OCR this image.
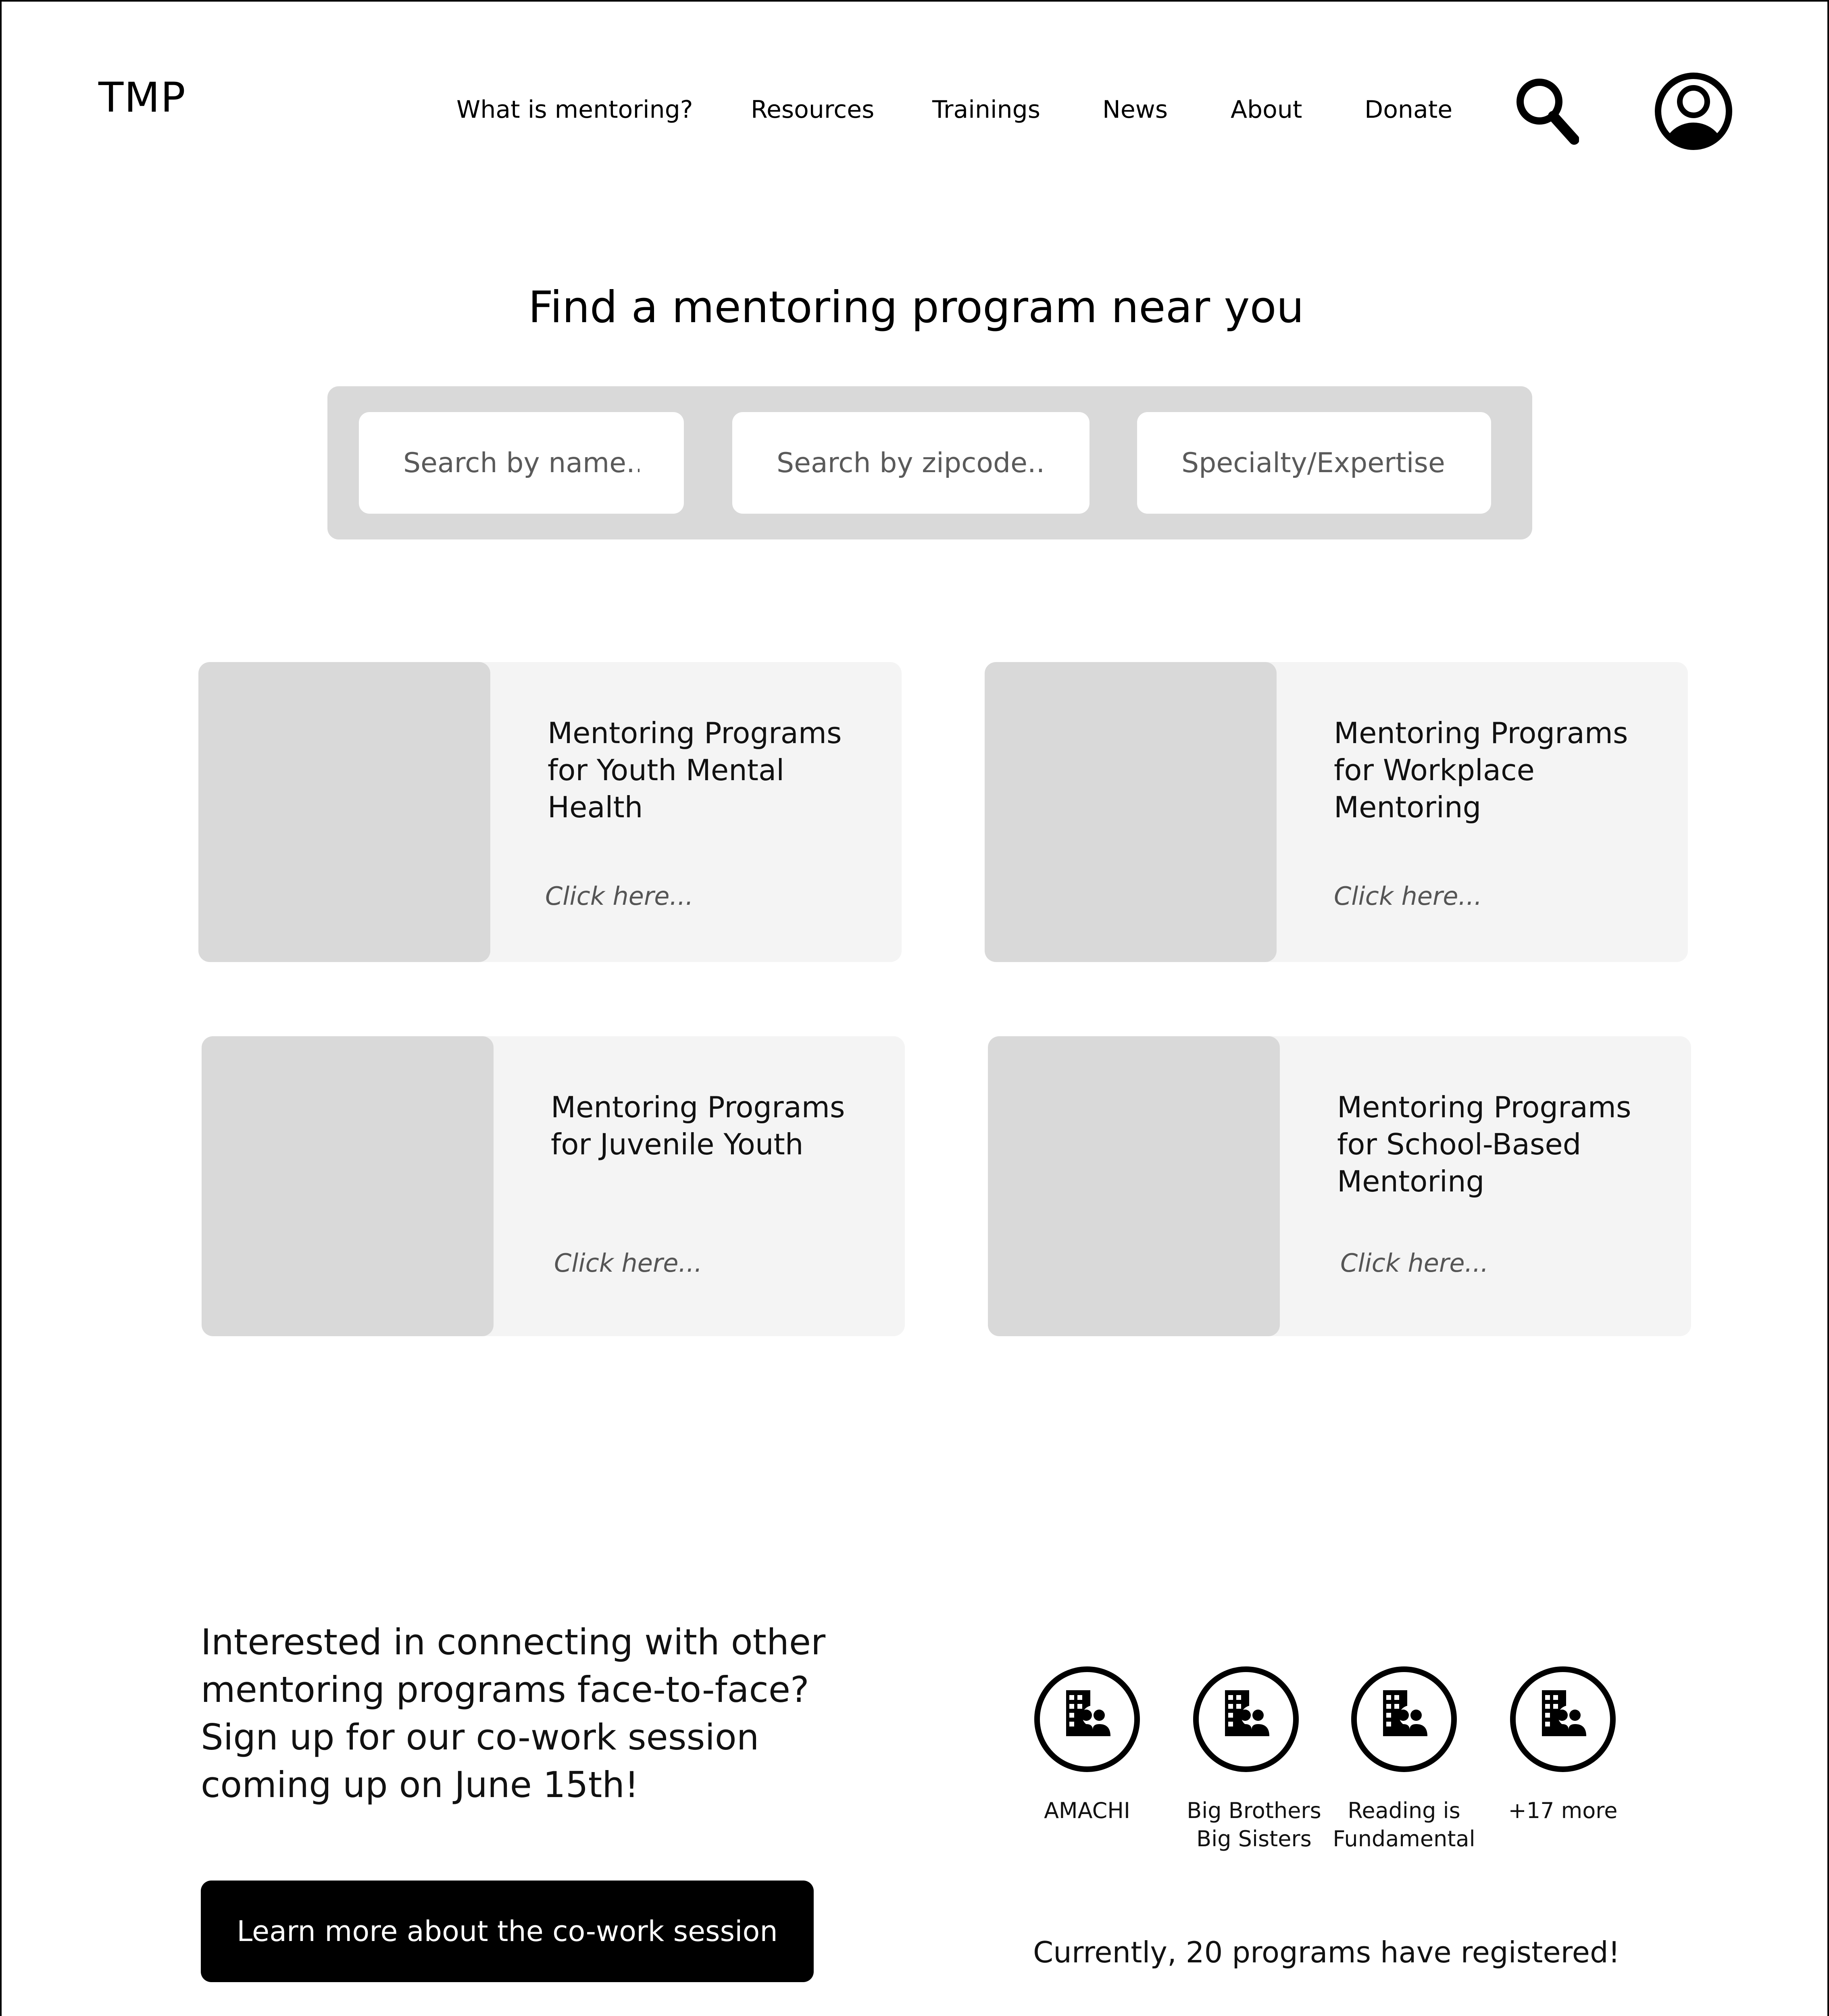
TMP	What is mentoring? Resources Trainings	News	About	Donate
Find a mentoring program near you
Search by name...
Search by zipcode...
Specialty/Expertise
Mentoring Programs for Youth Mental Health
Click here...
Mentoring Programs for Workplace Mentoring
Click here...
Mentoring Programs for Juvenile Youth
Click here...
Mentoring Programs for School-Based Mentoring
Click here...

Interested in connecting with other mentoring programs face-to-face? Sign up for our co-work session coming up on June 15th!

Learn more about the co-work session
AMACHI	Big Brothers Big Sisters
Reading is Fundamental
+17 more
Currently, 20 programs have registered!
